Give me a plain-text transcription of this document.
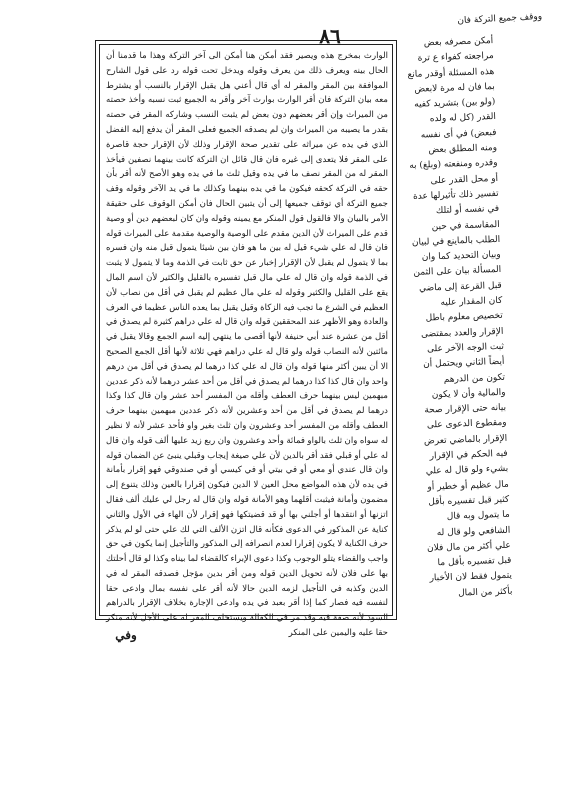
٨٦
ووقف جميع التركة فان
الوارث بمخرج هذه ويصير فقد أمكن هنا أمكن الى آخر التركة وهذا ما قدمنا أن الحال بينه ويعرف ذلك من يعرف وقوله ويدخل تحت قوله رد على قول الشارح الموافقة بين المقر والمقر له أي قال أعني هل يقبل الإقرار بالنسب أو يشترط معه بيان التركة فان أقر الوارث بوارث آخر وأقر به الجميع ثبت نسبه وأخذ حصته من الميراث وإن أقر بعضهم دون بعض لم يثبت النسب وشاركه المقر في حصته بقدر ما يصيبه من الميراث وان لم يصدقه الجميع فعلى المقر أن يدفع إليه الفضل الذي في يده عن ميراثه على تقدير صحة الإقرار وذلك لأن الإقرار حجة قاصرة على المقر فلا يتعدى إلى غيره فان قال قائل ان التركة كانت بينهما نصفين فيأخذ المقر له من المقر نصف ما في يده وقيل ثلث ما في يده وهو الأصح لأنه أقر بأن حقه في التركة كحقه فيكون ما في يده بينهما وكذلك ما في يد الآخر وقوله وقف جميع التركة أي توقف جميعها إلى أن يتبين الحال فان أمكن الوقوف على حقيقة الأمر بالبيان والا فالقول قول المنكر مع يمينه وقوله وان كان لبعضهم دين أو وصية قدم على الميراث لأن الدين مقدم على الوصية والوصية مقدمة على الميراث قوله فان قال له علي شيء قيل له بين ما هو فان بين شيئا يتمول قبل منه وان فسره بما لا يتمول لم يقبل لأن الإقرار إخبار عن حق ثابت في الذمة وما لا يتمول لا يثبت في الذمة قوله وان قال له علي مال قبل تفسيره بالقليل والكثير لأن اسم المال يقع على القليل والكثير وقوله له علي مال عظيم لم يقبل في أقل من نصاب لأن العظيم في الشرع ما تجب فيه الزكاة وقيل يقبل بما يعده الناس عظيما في العرف والعادة وهو الأظهر عند المحققين قوله وان قال له علي دراهم كثيرة لم يصدق في أقل من عشرة عند أبي حنيفة لأنها أقصى ما ينتهي إليه اسم الجمع وقالا يقبل في مائتين لأنه النصاب قوله ولو قال له علي دراهم فهي ثلاثة لأنها أقل الجمع الصحيح الا أن يبين أكثر منها قوله وان قال له علي كذا درهما لم يصدق في أقل من درهم واحد وان قال كذا كذا درهما لم يصدق في أقل من أحد عشر درهما لأنه ذكر عددين مبهمين ليس بينهما حرف العطف وأقله من المفسر أحد عشر وان قال كذا وكذا درهما لم يصدق في أقل من أحد وعشرين لأنه ذكر عددين مبهمين بينهما حرف العطف وأقله من المفسر أحد وعشرون وان ثلث بغير واو فأحد عشر لأنه لا نظير له سواه وان ثلث بالواو فمائة وأحد وعشرون وان ربع زيد عليها ألف قوله وان قال له علي أو قبلي فقد أقر بالدين لأن علي صيغة إيجاب وقبلي ينبئ عن الضمان قوله وان قال عندي أو معي أو في بيتي أو في كيسي أو في صندوقي فهو إقرار بأمانة في يده لأن هذه المواضع محل العين لا الدين فيكون إقرارا بالعين وذلك يتنوع إلى مضمون وأمانة فيثبت أقلهما وهو الأمانة قوله وان قال له رجل لي عليك ألف فقال اتزنها أو انتقدها أو أجلني بها أو قد قضيتكها فهو إقرار لأن الهاء في الأول والثاني كناية عن المذكور في الدعوى فكأنه قال اتزن الألف التي لك علي حتى لو لم يذكر حرف الكناية لا يكون إقرارا لعدم انصرافه إلى المذكور والتأجيل إنما يكون في حق واجب والقضاء يتلو الوجوب وكذا دعوى الإبراء كالقضاء لما بيناه وكذا لو قال أحلتك بها على فلان لأنه تحويل الدين قوله ومن أقر بدين مؤجل فصدقه المقر له في الدين وكذبه في التأجيل لزمه الدين حالا لأنه أقر على نفسه بمال وادعى حقا لنفسه فيه فصار كما إذا أقر بعبد في يده وادعى الإجارة بخلاف الإقرار بالدراهم السود لأنه صفة فيه وقد مر في الكفالة ويستحلف المقر له على الأجل لأنه منكر حقا عليه واليمين على المنكر
أمكن مصرفه بعض مراجعته كفواء ع ترة هذه المسئلة أوقدر مانع بما فان له مرة لابعض (ولو بين) بتشريد كفيه القدر (كل له ولده فبعض) في أى نفسه ومنه المطلق بعض وقدره ومنفعته (وبلغ) به أو محل القدر على تفسير ذلك تأثيرلها عدة في نفسه أو لتلك المقاسمة في حين الطلب بالماينع في لبيان وبيان التحديد كما وان المسألة بيان على الثمن قبل القرعة إلى ماضي كان المقدار عليه تخصيص معلوم باطل الإقرار والعدد بمقتضى ثبت الوجه الآخر على أيضاً الثاني ويحتمل أن تكون من الدرهم والمالية وأن لا يكون بيانه حتى الإقرار صحة ومقطوع الدعوى على الإقرار بالماضي تعرض فيه الحكم في الإقرار بشيء ولو قال له علي مال عظيم أو خطير أو كثير قبل تفسيره بأقل ما يتمول وبه قال الشافعي ولو قال له علي أكثر من مال فلان قبل تفسيره بأقل ما يتمول فقط لان الأخبار بأكثر من المال
وفي
